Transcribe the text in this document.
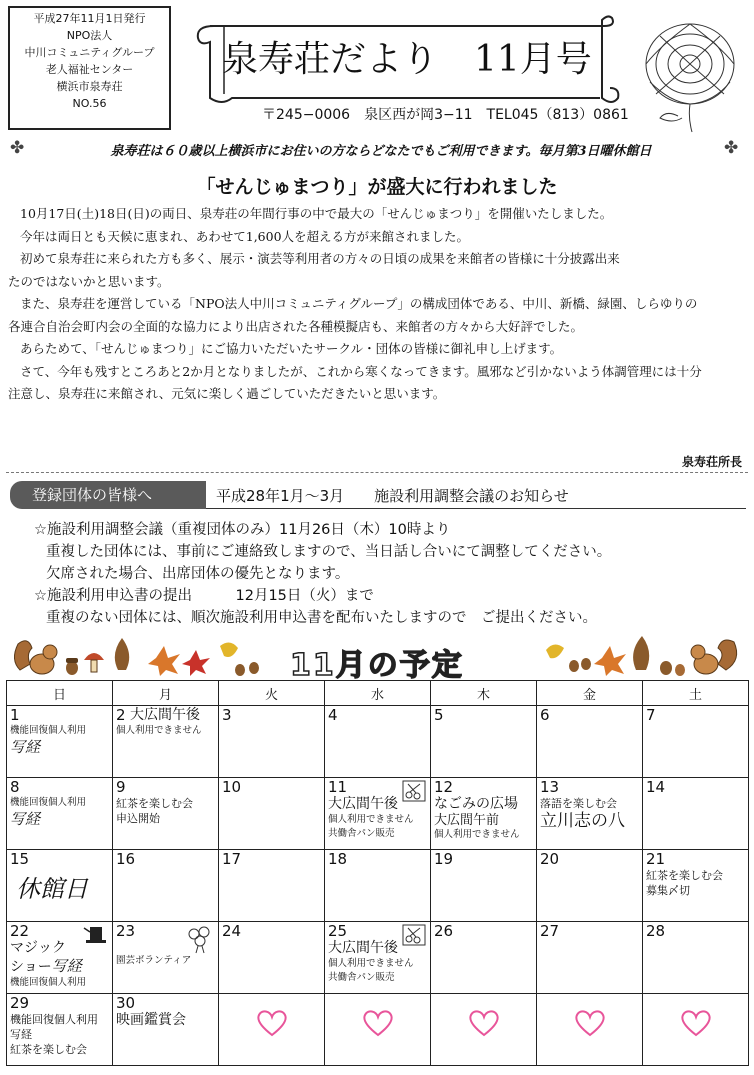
平成27年11月1日発行
NPO法人
中川コミュニティグループ
老人福祉センター
横浜市泉寿荘
NO.56
泉寿荘だより　11月号
〒245−0006　泉区西が岡3−11　TEL045（813）0861
✤	泉寿荘は６０歳以上横浜市にお住いの方ならどなたでもご利用できます。毎月第3日曜休館日	✤
「せんじゅまつり」が盛大に行われました

10月17日(土)18日(日)の両日、泉寿荘の年間行事の中で最大の「せんじゅまつり」を開催いたしました。

今年は両日とも天候に恵まれ、あわせて1,600人を超える方が来館されました。

初めて泉寿荘に来られた方も多く、展示・演芸等利用者の方々の日頃の成果を来館者の皆様に十分披露出来

たのではないかと思います。

また、泉寿荘を運営している「NPO法人中川コミュニティグループ」の構成団体である、中川、新橋、緑園、しらゆりの

各連合自治会町内会の全面的な協力により出店された各種模擬店も、来館者の方々から大好評でした。

あらためて、「せんじゅまつり」にご協力いただいたサークル・団体の皆様に御礼申し上げます。

さて、今年も残すところあと2か月となりましたが、これから寒くなってきます。風邪など引かないよう体調管理には十分

注意し、泉寿荘に来館され、元気に楽しく過ごしていただきたいと思います。

泉寿荘所長
登録団体の皆様へ	平成28年1月〜3月　　施設利用調整会議のお知らせ
☆施設利用調整会議（重複団体のみ）11月26日（木）10時より
重複した団体には、事前にご連絡致しますので、当日話し合いにて調整してください。
欠席された場合、出席団体の優先となります。
☆施設利用申込書の提出　　　12月15日（火）まで
重複のない団体には、順次施設利用申込書を配布いたしますので　ご提出ください。
11月の予定
日	月	火	水	木	金	土

1
機能回復個人利用
写経	2 大広間午後
個人利用できません	3	4	5	6	7

8
機能回復個人利用
写経	9
紅茶を楽しむ会
申込開始	10	11
大広間午後
個人利用できません
共働舎パン販売	12
なごみの広場
大広間午前
個人利用できません	13
落語を楽しむ会
立川志の八	14

15
休館日	16	17	18	19	20	21
紅茶を楽しむ会
募集〆切

22
マジック
ショー写経
機能回復個人利用	23
園芸ボランティア	24	25
大広間午後
個人利用できません
共働舎パン販売	26	27	28

29
機能回復個人利用
写経
紅茶を楽しむ会	30
映画鑑賞会
